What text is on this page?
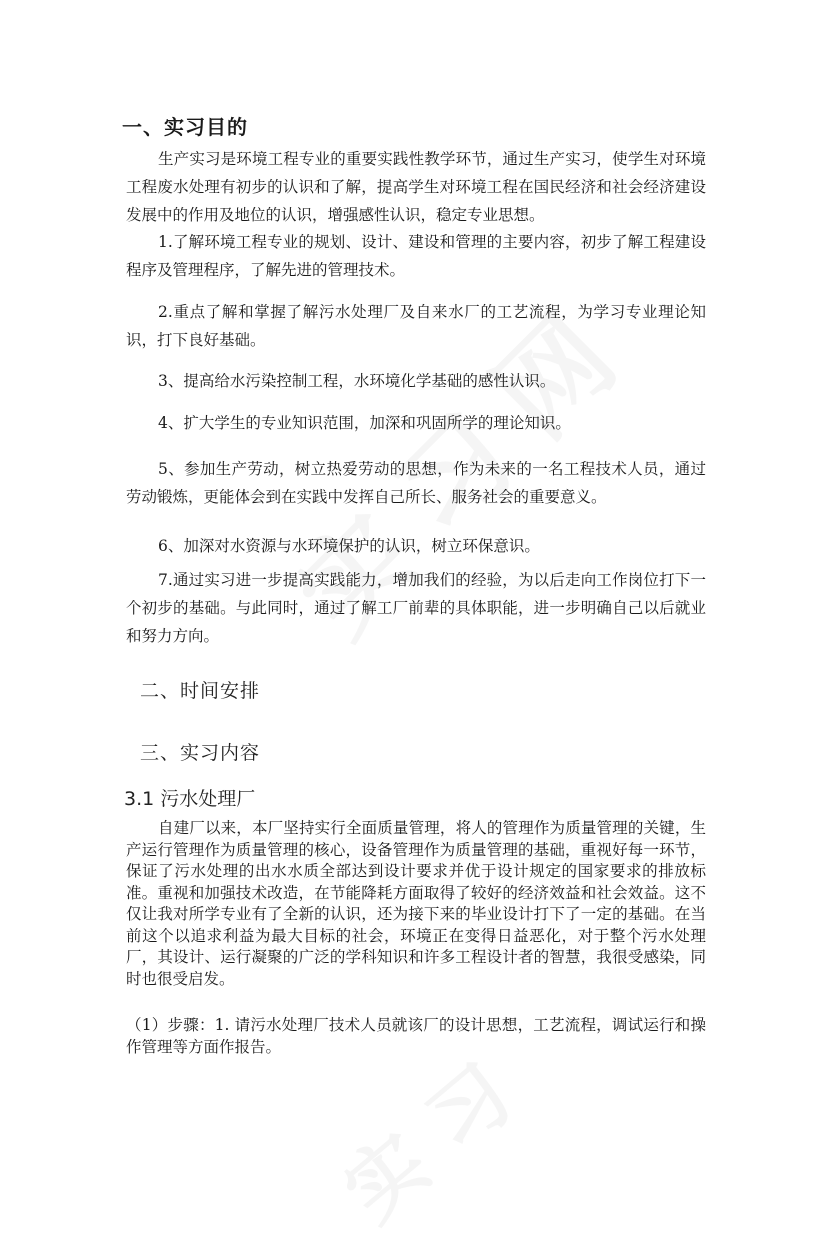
一、实习目的
生产实习是环境工程专业的重要实践性教学环节，通过生产实习，使学生对环境工程废水处理有初步的认识和了解，提高学生对环境工程在国民经济和社会经济建设发展中的作用及地位的认识，增强感性认识，稳定专业思想。
1.了解环境工程专业的规划、设计、建设和管理的主要内容，初步了解工程建设程序及管理程序，了解先进的管理技术。
2.重点了解和掌握了解污水处理厂及自来水厂的工艺流程，为学习专业理论知识，打下良好基础。
3、提高给水污染控制工程，水环境化学基础的感性认识。
4、扩大学生的专业知识范围，加深和巩固所学的理论知识。
5、参加生产劳动，树立热爱劳动的思想，作为未来的一名工程技术人员，通过劳动锻炼，更能体会到在实践中发挥自己所长、服务社会的重要意义。
6、加深对水资源与水环境保护的认识，树立环保意识。
7.通过实习进一步提高实践能力，增加我们的经验，为以后走向工作岗位打下一个初步的基础。与此同时，通过了解工厂前辈的具体职能，进一步明确自己以后就业和努力方向。
二、时间安排
三、实习内容
3.1 污水处理厂
自建厂以来，本厂坚持实行全面质量管理，将人的管理作为质量管理的关键，生产运行管理作为质量管理的核心，设备管理作为质量管理的基础，重视好每一环节，保证了污水处理的出水水质全部达到设计要求并优于设计规定的国家要求的排放标准。重视和加强技术改造，在节能降耗方面取得了较好的经济效益和社会效益。这不仅让我对所学专业有了全新的认识，还为接下来的毕业设计打下了一定的基础。在当前这个以追求利益为最大目标的社会，环境正在变得日益恶化，对于整个污水处理厂，其设计、运行凝聚的广泛的学科知识和许多工程设计者的智慧，我很受感染，同时也很受启发。
（1）步骤：1. 请污水处理厂技术人员就该厂的设计思想，工艺流程，调试运行和操作管理等方面作报告。
